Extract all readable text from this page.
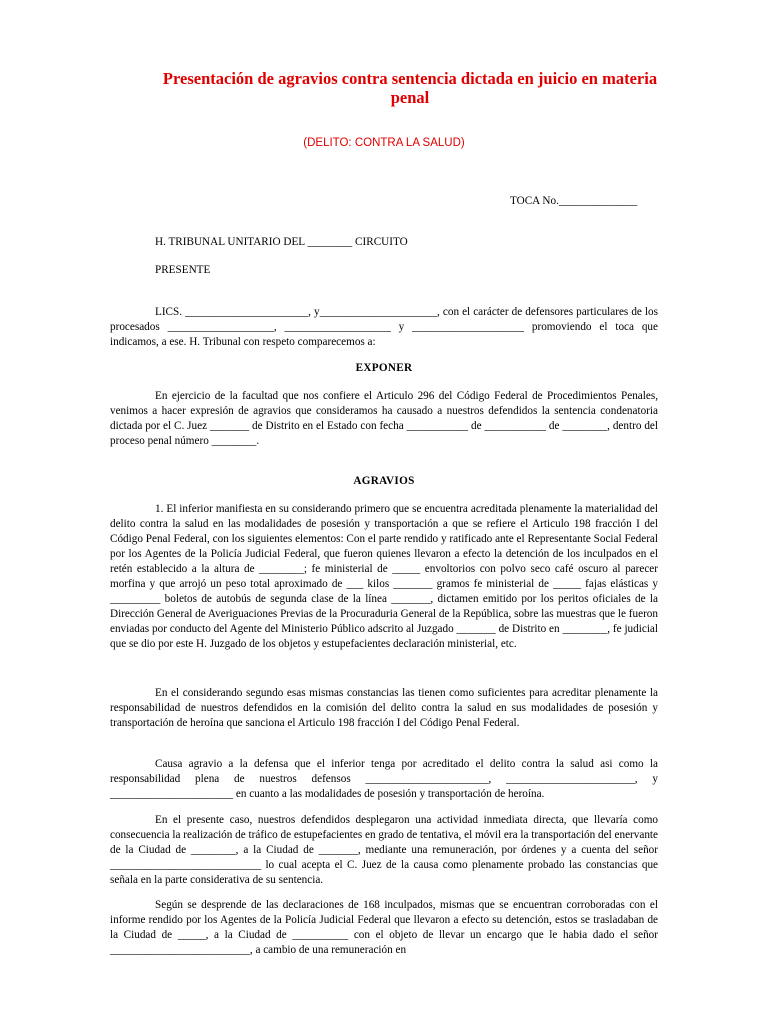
Presentación de agravios contra sentencia dictada en juicio en materia penal

(DELITO: CONTRA LA SALUD)

TOCA No.______________

H. TRIBUNAL UNITARIO DEL ________ CIRCUITO

PRESENTE

LICS. ______________________, y_____________________, con el carácter de defensores particulares de los procesados ___________________, ___________________ y ____________________ promoviendo el toca que indicamos, a ese. H. Tribunal con respeto comparecemos a:

EXPONER

En ejercicio de la facultad que nos confiere el Articulo 296 del Código Federal de Procedimientos Penales, venimos a hacer expresión de agravios que consideramos ha causado a nuestros defendidos la sentencia condenatoria dictada por el C. Juez _______ de Distrito en el Estado con fecha ___________ de ___________ de ________, dentro del proceso penal número ________.

AGRAVIOS

1. El inferior manifiesta en su considerando primero que se encuentra acreditada plenamente la materialidad del delito contra la salud en las modalidades de posesión y transportación a que se refiere el Articulo 198 fracción I del Código Penal Federal, con los siguientes elementos: Con el parte rendido y ratificado ante el Representante Social Federal por los Agentes de la Policía Judicial Federal, que fueron quienes llevaron a efecto la detención de los inculpados en el retén establecido a la altura de ________; fe ministerial de _____ envoltorios con polvo seco café oscuro al parecer morfina y que arrojó un peso total aproximado de ___ kilos _______ gramos fe ministerial de _____ fajas elásticas y _________ boletos de autobús de segunda clase de la línea _______, dictamen emitido por los peritos oficiales de la Dirección General de Averiguaciones Previas de la Procuraduria General de la República, sobre las muestras que le fueron enviadas por conducto del Agente del Ministerio Público adscrito al Juzgado _______ de Distrito en ________, fe judicial que se dio por este H. Juzgado de los objetos y estupefacientes declaración ministerial, etc.

En el considerando segundo esas mismas constancias las tienen como suficientes para acreditar plenamente la responsabilidad de nuestros defendidos en la comisión del delito contra la salud en sus modalidades de posesión y transportación de heroína que sanciona el Articulo 198 fracción I del Código Penal Federal.

Causa agravio a la defensa que el inferior tenga por acreditado el delito contra la salud asi como la responsabilidad plena de nuestros defensos ______________________, _______________________, y ______________________ en cuanto a las modalidades de posesión y transportación de heroína.

En el presente caso, nuestros defendidos desplegaron una actividad inmediata directa, que llevaría como consecuencia la realización de tráfico de estupefacientes en grado de tentativa, el móvil era la transportación del enervante de la Ciudad de ________, a la Ciudad de _______, mediante una remuneración, por órdenes y a cuenta del señor ___________________________ lo cual acepta el C. Juez de la causa como plenamente probado las constancias que señala en la parte considerativa de su sentencia.

Según se desprende de las declaraciones de 168 inculpados, mismas que se encuentran corroboradas con el informe rendido por los Agentes de la Policía Judicial Federal que llevaron a efecto su detención, estos se trasladaban de la Ciudad de _____, a la Ciudad de __________ con el objeto de llevar un encargo que le habia dado el señor _________________________, a cambio de una remuneración en
